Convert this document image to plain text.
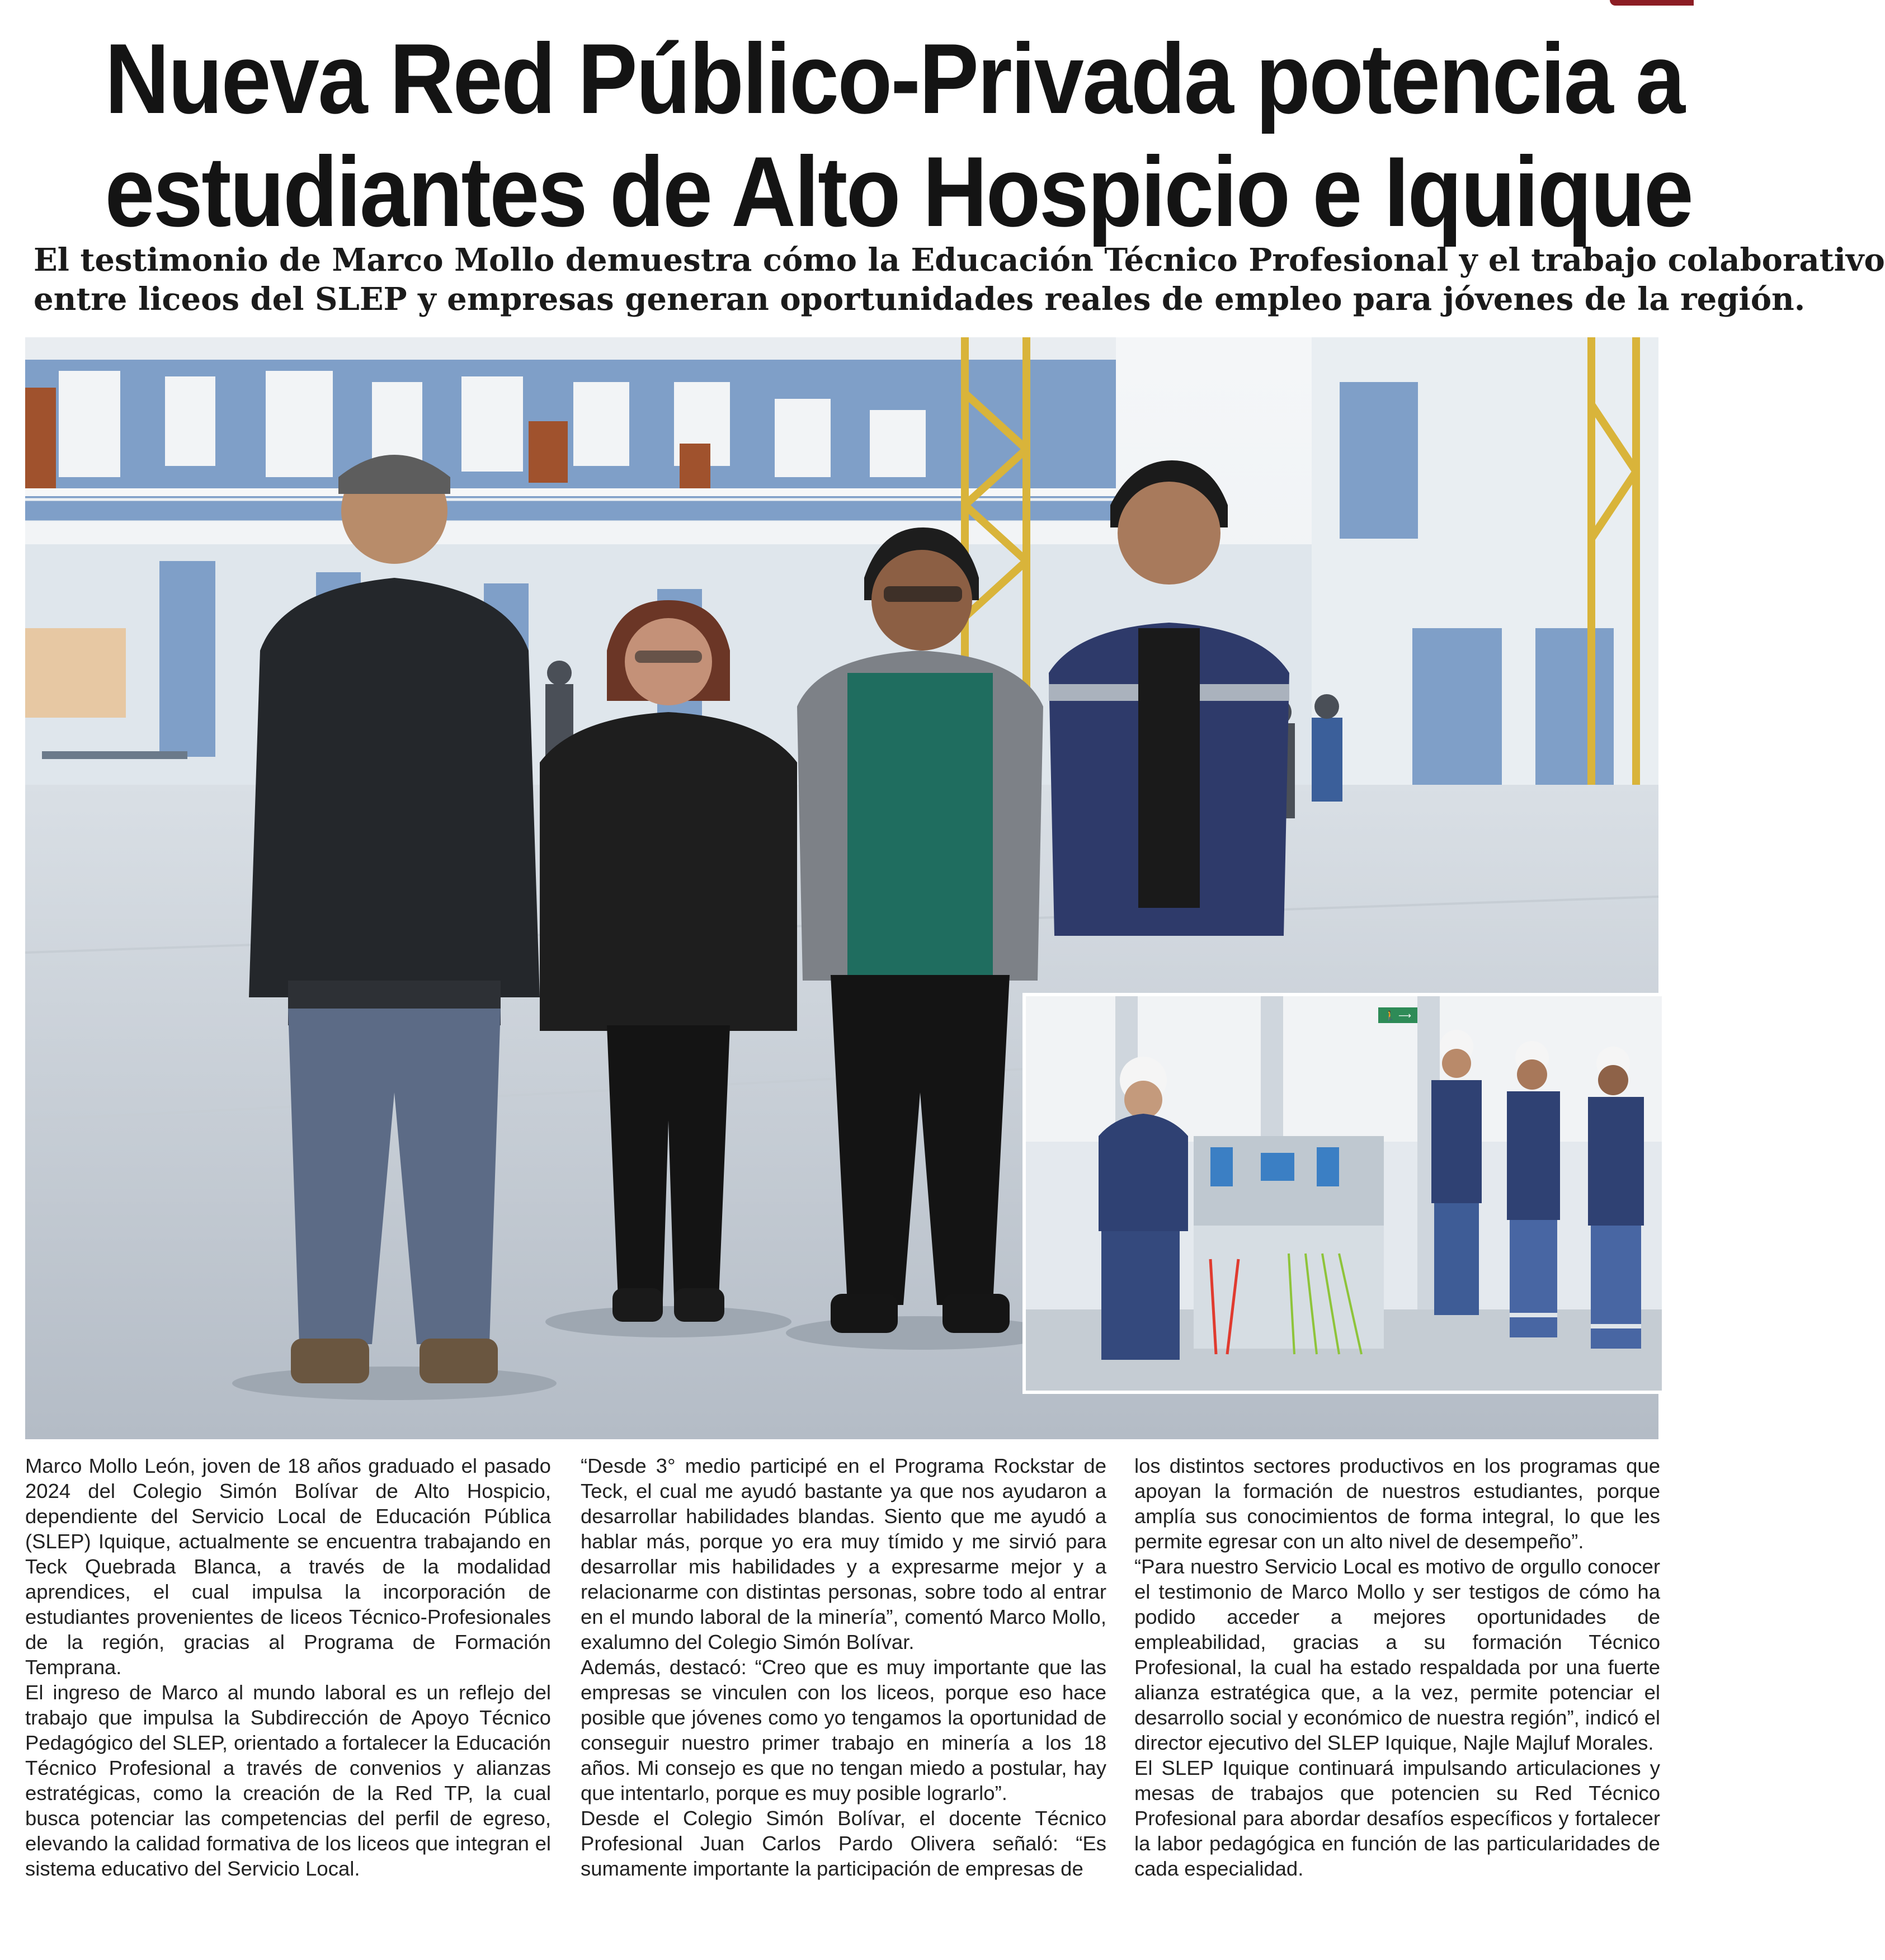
Nueva Red Público-Privada potencia a
estudiantes de Alto Hospicio e Iquique
El testimonio de Marco Mollo demuestra cómo la Educación Técnico Profesional y el trabajo colaborativo
entre liceos del SLEP y empresas generan oportunidades reales de empleo para jóvenes de la región.
🚶 ⟶

Marco Mollo León, joven de 18 años graduado el pasado 2024 del Colegio Simón Bolívar de Alto Hospicio, dependiente del Servicio Local de Educación Pública (SLEP) Iquique, actualmente se encuentra trabajando en Teck Quebrada Blanca, a través de la modalidad aprendices, el cual impulsa la incorporación de estudiantes provenientes de liceos Técnico-Profesionales de la región, gracias al Programa de Formación Temprana.

El ingreso de Marco al mundo laboral es un reflejo del trabajo que impulsa la Subdirección de Apoyo Técnico Pedagógico del SLEP, orientado a fortalecer la Educación Técnico Profesional a través de convenios y alianzas estratégicas, como la creación de la Red TP, la cual busca potenciar las competencias del perfil de egreso, elevando la calidad formativa de los liceos que integran el sistema educativo del Servicio Local.

“Desde 3° medio participé en el Programa Rockstar de Teck, el cual me ayudó bastante ya que nos ayudaron a desarrollar habilidades blandas. Siento que me ayudó a hablar más, porque yo era muy tímido y me sirvió para desarrollar mis habilidades y a expresarme mejor y a relacionarme con distintas personas, sobre todo al entrar en el mundo laboral de la minería”, comentó Marco Mollo, exalumno del Colegio Simón Bolívar.

Además, destacó: “Creo que es muy importante que las empresas se vinculen con los liceos, porque eso hace posible que jóvenes como yo tengamos la oportunidad de conseguir nuestro primer trabajo en minería a los 18 años. Mi consejo es que no tengan miedo a postular, hay que intentarlo, porque es muy posible lograrlo”.

Desde el Colegio Simón Bolívar, el docente Técnico Profesional Juan Carlos Pardo Olivera señaló: “Es sumamente importante la participación de empresas de

los distintos sectores productivos en los programas que apoyan la formación de nuestros estudiantes, porque amplía sus conocimientos de forma integral, lo que les permite egresar con un alto nivel de desempeño”.

“Para nuestro Servicio Local es motivo de orgullo conocer el testimonio de Marco Mollo y ser testigos de cómo ha podido acceder a mejores oportunidades de empleabilidad, gracias a su formación Técnico Profesional, la cual ha estado respaldada por una fuerte alianza estratégica que, a la vez, permite potenciar el desarrollo social y económico de nuestra región”, indicó el director ejecutivo del SLEP Iquique, Najle Majluf Morales.

El SLEP Iquique continuará impulsando articulaciones y mesas de trabajos que potencien su Red Técnico Profesional para abordar desafíos específicos y fortalecer la labor pedagógica en función de las particularidades de cada especialidad.
